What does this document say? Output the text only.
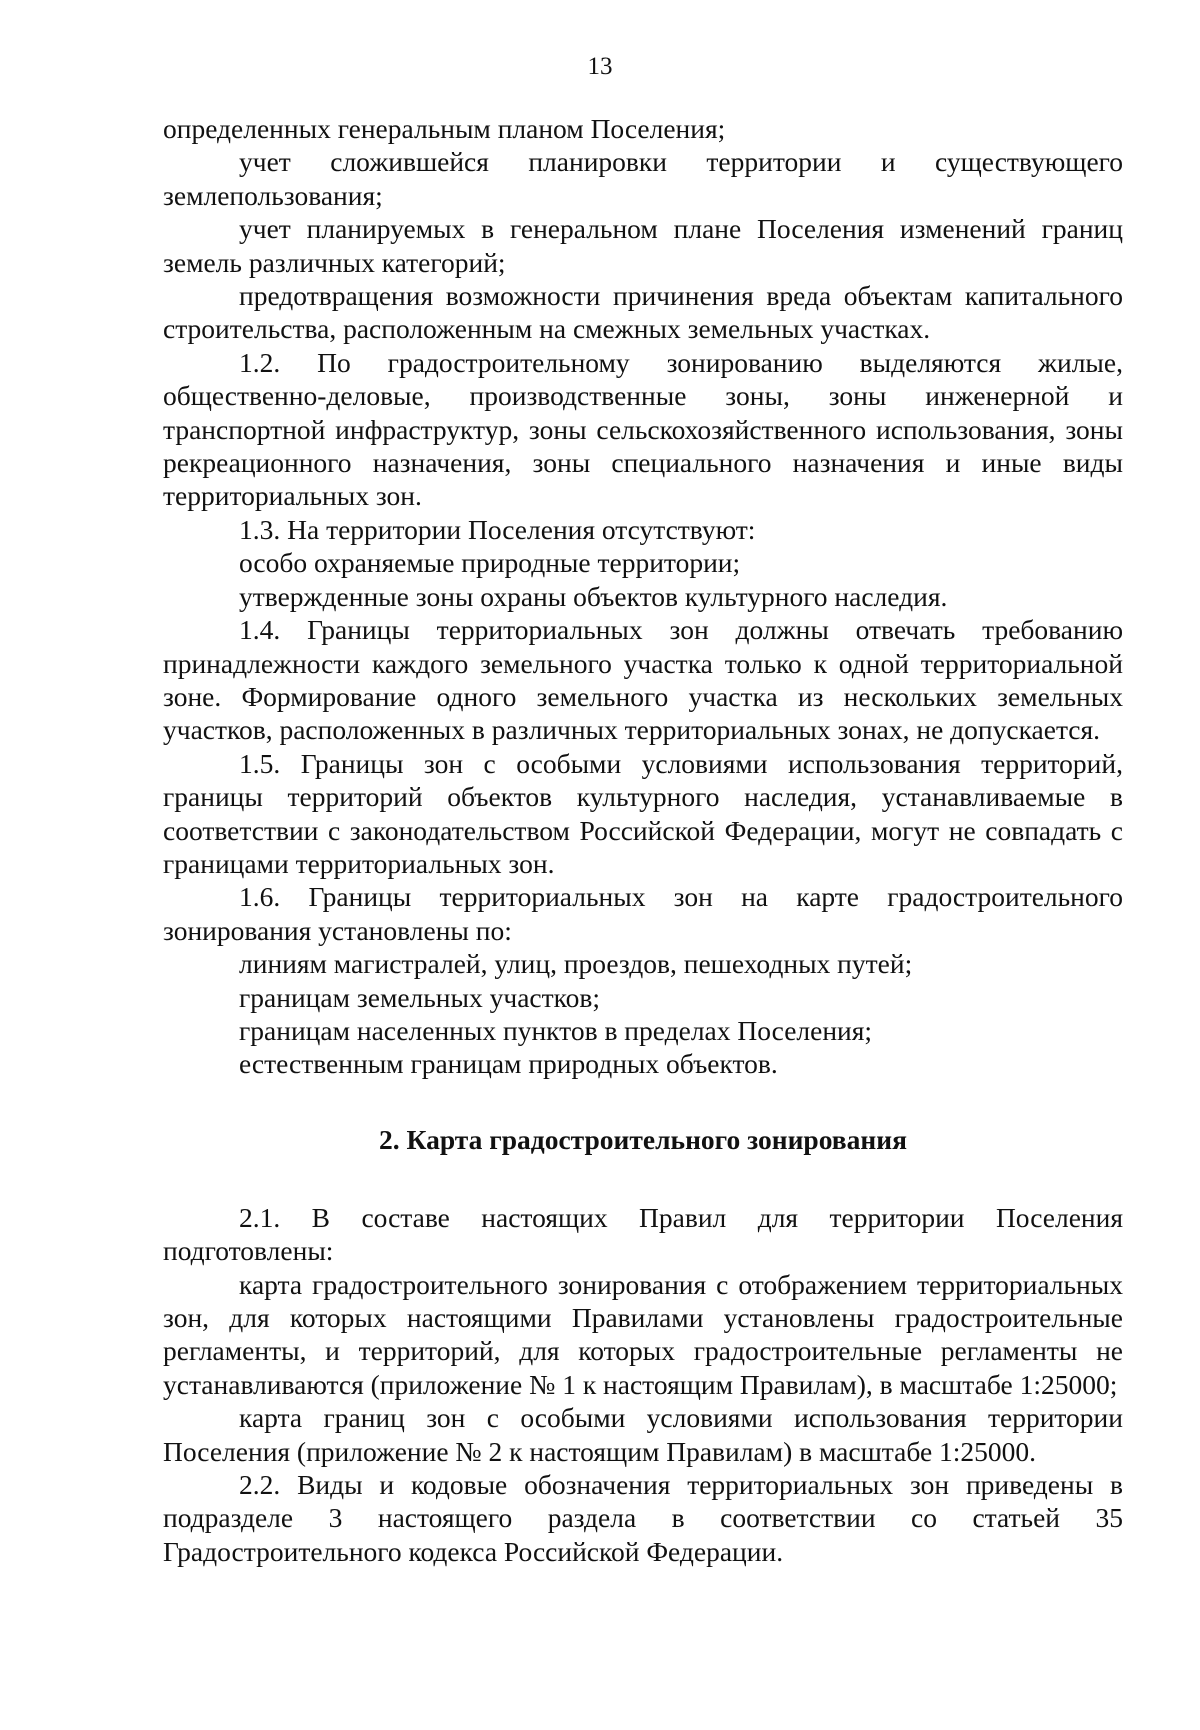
13

определенных генеральным планом Поселения;

учет сложившейся планировки территории и существующего землепользования;

учет планируемых в генеральном плане Поселения изменений границ земель различных категорий;

предотвращения возможности причинения вреда объектам капитального строительства, расположенным на смежных земельных участках.

1.2. По градостроительному зонированию выделяются жилые, общественно-деловые, производственные зоны, зоны инженерной и транспортной инфраструктур, зоны сельскохозяйственного использования, зоны рекреационного назначения, зоны специального назначения и иные виды территориальных зон.

1.3. На территории Поселения отсутствуют:

особо охраняемые природные территории;

утвержденные зоны охраны объектов культурного наследия.

1.4. Границы территориальных зон должны отвечать требованию принадлежности каждого земельного участка только к одной территориальной зоне. Формирование одного земельного участка из нескольких земельных участков, расположенных в различных территориальных зонах, не допускается.

1.5. Границы зон с особыми условиями использования территорий, границы территорий объектов культурного наследия, устанавливаемые в соответствии с законодательством Российской Федерации, могут не совпадать с границами территориальных зон.

1.6. Границы территориальных зон на карте градостроительного зонирования установлены по:

линиям магистралей, улиц, проездов, пешеходных путей;

границам земельных участков;

границам населенных пунктов в пределах Поселения;

естественным границам природных объектов.

2. Карта градостроительного зонирования

2.1. В составе настоящих Правил для территории Поселения подготовлены:

карта градостроительного зонирования с отображением территориальных зон, для которых настоящими Правилами установлены градостроительные регламенты, и территорий, для которых градостроительные регламенты не устанавливаются (приложение № 1 к настоящим Правилам), в масштабе 1:25000;

карта границ зон с особыми условиями использования территории Поселения (приложение № 2 к настоящим Правилам) в масштабе 1:25000.

2.2. Виды и кодовые обозначения территориальных зон приведены в подразделе 3 настоящего раздела в соответствии со статьей 35 Градостроительного кодекса Российской Федерации.
